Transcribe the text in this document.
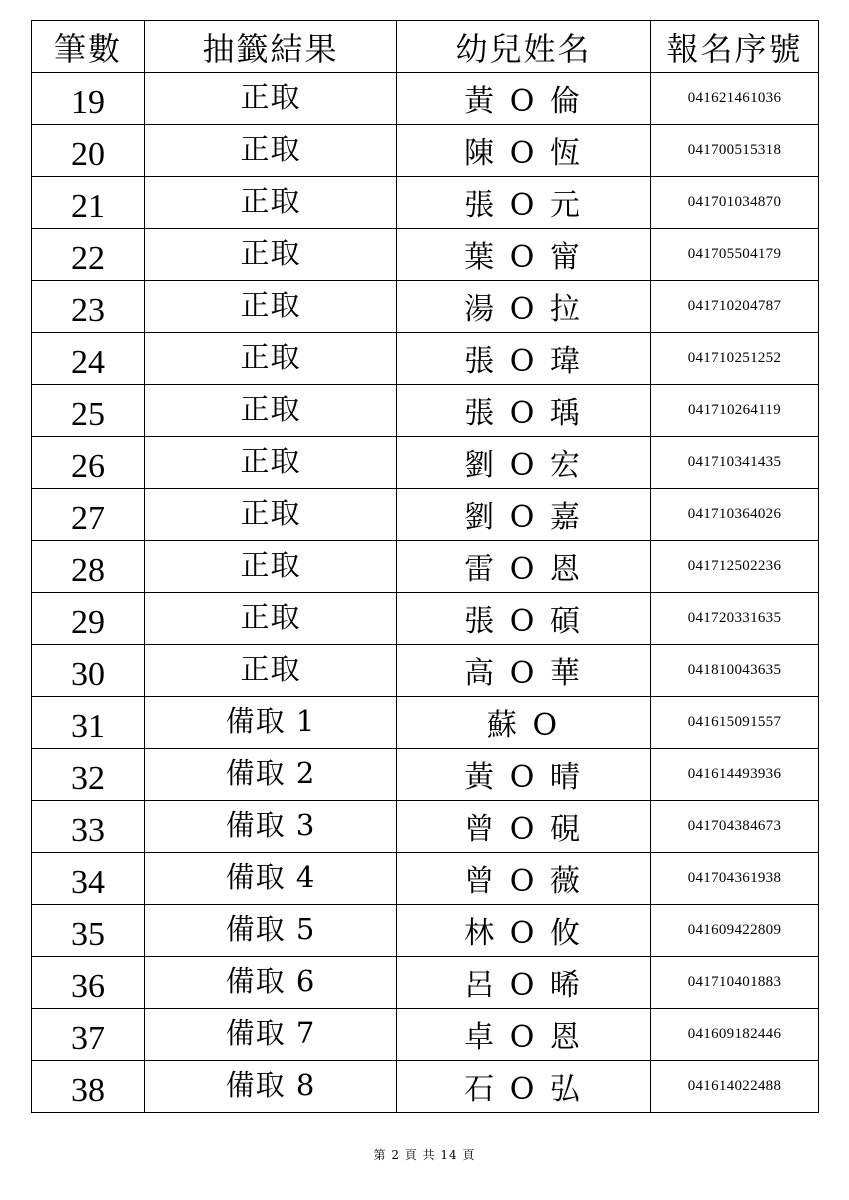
筆數	抽籤結果	幼兒姓名	報名序號
19	正取	黃 O 倫	041621461036
20	正取	陳 O 恆	041700515318
21	正取	張 O 元	041701034870
22	正取	葉 O 甯	041705504179
23	正取	湯 O 拉	041710204787
24	正取	張 O 瑋	041710251252
25	正取	張 O 瑀	041710264119
26	正取	劉 O 宏	041710341435
27	正取	劉 O 嘉	041710364026
28	正取	雷 O 恩	041712502236
29	正取	張 O 碩	041720331635
30	正取	高 O 華	041810043635
31	備取 1	蘇 O	041615091557
32	備取 2	黃 O 晴	041614493936
33	備取 3	曾 O 硯	041704384673
34	備取 4	曾 O 薇	041704361938
35	備取 5	林 O 攸	041609422809
36	備取 6	呂 O 晞	041710401883
37	備取 7	卓 O 恩	041609182446
38	備取 8	石 O 弘	041614022488
第 2 頁 共 14 頁
